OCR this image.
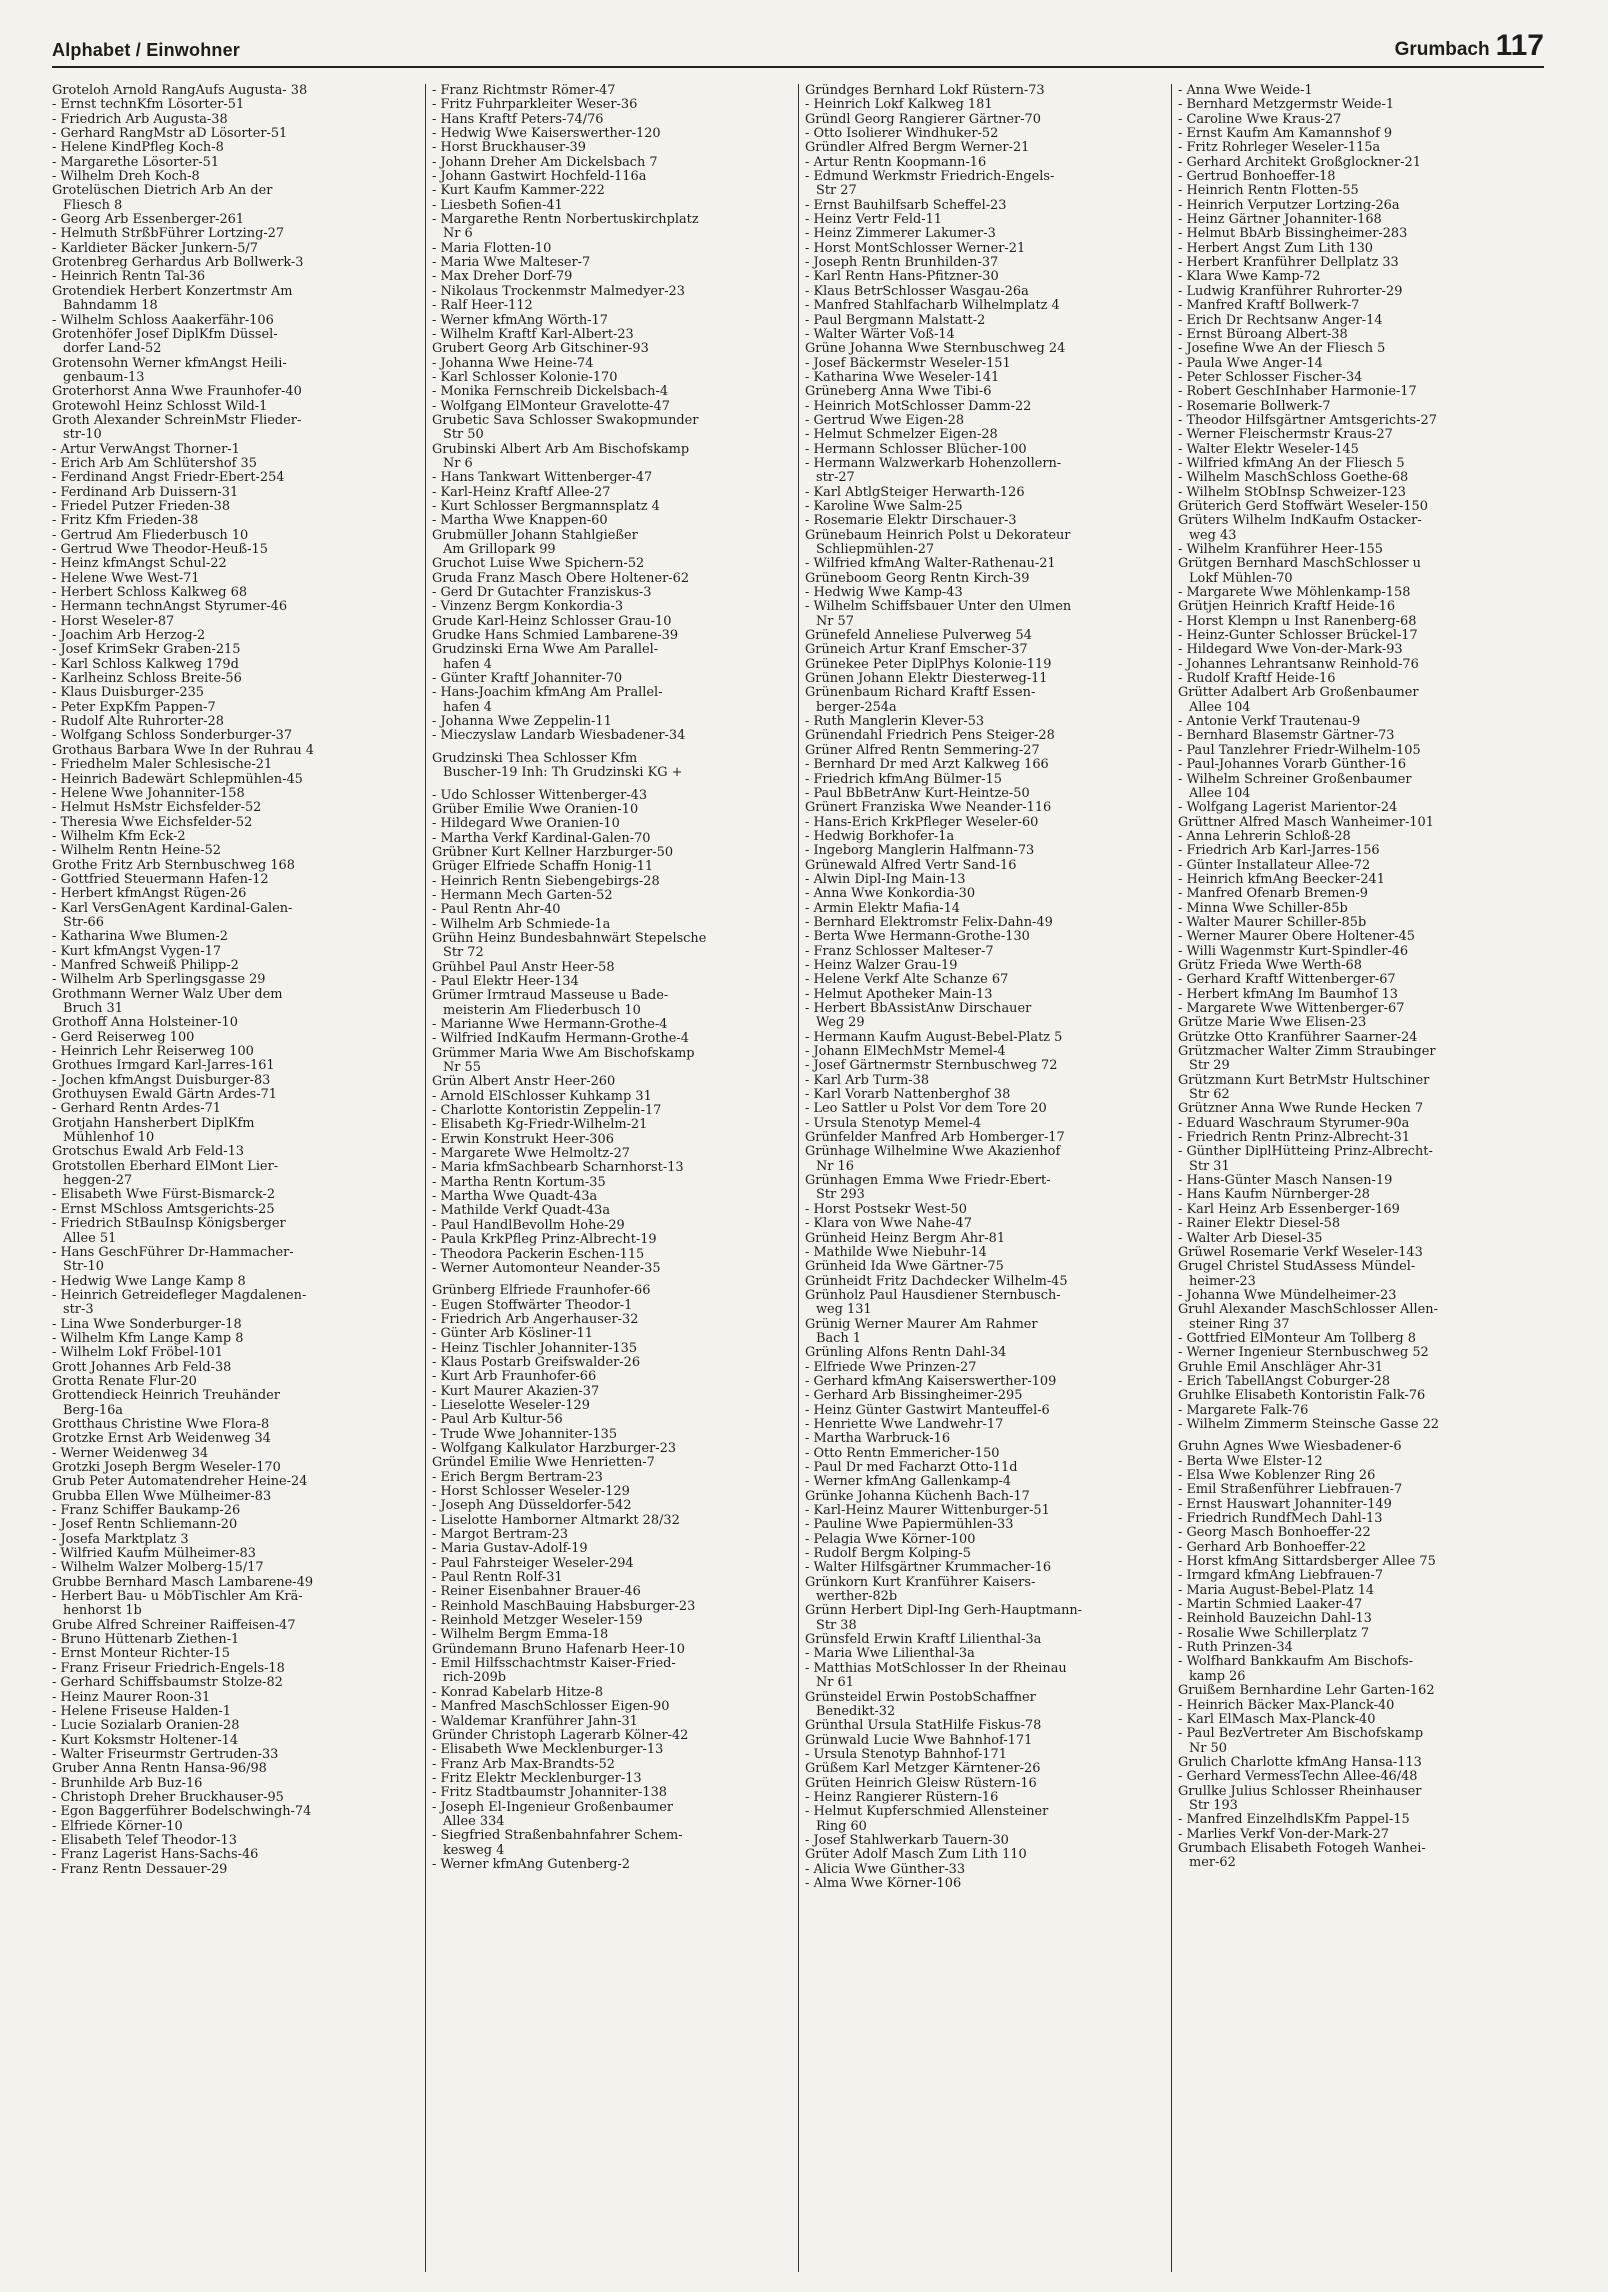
Alphabet / Einwohner	Grumbach 117
Groteloh Arnold RangAufs Augusta- 38
- Ernst technKfm Lösorter-51
- Friedrich Arb Augusta-38
- Gerhard RangMstr aD Lösorter-51
- Helene KindPfleg Koch-8
- Margarethe Lösorter-51
- Wilhelm Dreh Koch-8
Grotelüschen Dietrich Arb An der
Fliesch 8
- Georg Arb Essenberger-261
- Helmuth StrßbFührer Lortzing-27
- Karldieter Bäcker Junkern-5/7
Grotenbreg Gerhardus Arb Bollwerk-3
- Heinrich Rentn Tal-36
Grotendiek Herbert Konzertmstr Am
Bahndamm 18
- Wilhelm Schloss Aaakerfähr-106
Grotenhöfer Josef DiplKfm Düssel-
dorfer Land-52
Grotensohn Werner kfmAngst Heili-
genbaum-13
Groterhorst Anna Wwe Fraunhofer-40
Grotewohl Heinz Schlosst Wild-1
Groth Alexander SchreinMstr Flieder-
str-10
- Artur VerwAngst Thorner-1
- Erich Arb Am Schlütershof 35
- Ferdinand Angst Friedr-Ebert-254
- Ferdinand Arb Duissern-31
- Friedel Putzer Frieden-38
- Fritz Kfm Frieden-38
- Gertrud Am Fliederbusch 10
- Gertrud Wwe Theodor-Heuß-15
- Heinz kfmAngst Schul-22
- Helene Wwe West-71
- Herbert Schloss Kalkweg 68
- Hermann technAngst Styrumer-46
- Horst Weseler-87
- Joachim Arb Herzog-2
- Josef KrimSekr Graben-215
- Karl Schloss Kalkweg 179d
- Karlheinz Schloss Breite-56
- Klaus Duisburger-235
- Peter ExpKfm Pappen-7
- Rudolf Alte Ruhrorter-28
- Wolfgang Schloss Sonderburger-37
Grothaus Barbara Wwe In der Ruhrau 4
- Friedhelm Maler Schlesische-21
- Heinrich Badewärt Schlepmühlen-45
- Helene Wwe Johanniter-158
- Helmut HsMstr Eichsfelder-52
- Theresia Wwe Eichsfelder-52
- Wilhelm Kfm Eck-2
- Wilhelm Rentn Heine-52
Grothe Fritz Arb Sternbuschweg 168
- Gottfried Steuermann Hafen-12
- Herbert kfmAngst Rügen-26
- Karl VersGenAgent Kardinal-Galen-
Str-66
- Katharina Wwe Blumen-2
- Kurt kfmAngst Vygen-17
- Manfred Schweiß Philipp-2
- Wilhelm Arb Sperlingsgasse 29
Grothmann Werner Walz Über dem
Bruch 31
Grothoff Anna Holsteiner-10
- Gerd Reiserweg 100
- Heinrich Lehr Reiserweg 100
Grothues Irmgard Karl-Jarres-161
- Jochen kfmAngst Duisburger-83
Grothuysen Ewald Gärtn Ardes-71
- Gerhard Rentn Ardes-71
Grotjahn Hansherbert DiplKfm
Mühlenhof 10
Grotschus Ewald Arb Feld-13
Grotstollen Eberhard ElMont Lier-
heggen-27
- Elisabeth Wwe Fürst-Bismarck-2
- Ernst MSchloss Amtsgerichts-25
- Friedrich StBauInsp Königsberger
Allee 51
- Hans GeschFührer Dr-Hammacher-
Str-10
- Hedwig Wwe Lange Kamp 8
- Heinrich Getreidefleger Magdalenen-
str-3
- Lina Wwe Sonderburger-18
- Wilhelm Kfm Lange Kamp 8
- Wilhelm Lokf Fröbel-101
Grott Johannes Arb Feld-38
Grotta Renate Flur-20
Grottendieck Heinrich Treuhänder
Berg-16a
Grotthaus Christine Wwe Flora-8
Grotzke Ernst Arb Weidenweg 34
- Werner Weidenweg 34
Grotzki Joseph Bergm Weseler-170
Grub Peter Automatendreher Heine-24
Grubba Ellen Wwe Mülheimer-83
- Franz Schiffer Baukamp-26
- Josef Rentn Schliemann-20
- Josefa Marktplatz 3
- Wilfried Kaufm Mülheimer-83
- Wilhelm Walzer Molberg-15/17
Grubbe Bernhard Masch Lambarene-49
- Herbert Bau- u MöbTischler Am Krä-
henhorst 1b
Grube Alfred Schreiner Raiffeisen-47
- Bruno Hüttenarb Ziethen-1
- Ernst Monteur Richter-15
- Franz Friseur Friedrich-Engels-18
- Gerhard Schiffsbaumstr Stolze-82
- Heinz Maurer Roon-31
- Helene Friseuse Halden-1
- Lucie Sozialarb Oranien-28
- Kurt Koksmstr Holtener-14
- Walter Friseurmstr Gertruden-33
Gruber Anna Rentn Hansa-96/98
- Brunhilde Arb Buz-16
- Christoph Dreher Bruckhauser-95
- Egon Baggerführer Bodelschwingh-74
- Elfriede Körner-10
- Elisabeth Telef Theodor-13
- Franz Lagerist Hans-Sachs-46
- Franz Rentn Dessauer-29
- Franz Richtmstr Römer-47
- Fritz Fuhrparkleiter Weser-36
- Hans Kraftf Peters-74/76
- Hedwig Wwe Kaiserswerther-120
- Horst Bruckhauser-39
- Johann Dreher Am Dickelsbach 7
- Johann Gastwirt Hochfeld-116a
- Kurt Kaufm Kammer-222
- Liesbeth Sofien-41
- Margarethe Rentn Norbertuskirchplatz
Nr 6
- Maria Flotten-10
- Maria Wwe Malteser-7
- Max Dreher Dorf-79
- Nikolaus Trockenmstr Malmedyer-23
- Ralf Heer-112
- Werner kfmAng Wörth-17
- Wilhelm Kraftf Karl-Albert-23
Grubert Georg Arb Gitschiner-93
- Johanna Wwe Heine-74
- Karl Schlosser Kolonie-170
- Monika Fernschreib Dickelsbach-4
- Wolfgang ElMonteur Gravelotte-47
Grubetic Sava Schlosser Swakopmunder
Str 50
Grubinski Albert Arb Am Bischofskamp
Nr 6
- Hans Tankwart Wittenberger-47
- Karl-Heinz Kraftf Allee-27
- Kurt Schlosser Bergmannsplatz 4
- Martha Wwe Knappen-60
Grubmüller Johann Stahlgießer
Am Grillopark 99
Gruchot Luise Wwe Spichern-52
Gruda Franz Masch Obere Holtener-62
- Gerd Dr Gutachter Franziskus-3
- Vinzenz Bergm Konkordia-3
Grude Karl-Heinz Schlosser Grau-10
Grudke Hans Schmied Lambarene-39
Grudzinski Erna Wwe Am Parallel-
hafen 4
- Günter Kraftf Johanniter-70
- Hans-Joachim kfmAng Am Prallel-
hafen 4
- Johanna Wwe Zeppelin-11
- Mieczyslaw Landarb Wiesbadener-34
Grudzinski Thea Schlosser Kfm
Buscher-19 Inh: Th Grudzinski KG +
- Udo Schlosser Wittenberger-43
Grüber Emilie Wwe Oranien-10
- Hildegard Wwe Oranien-10
- Martha Verkf Kardinal-Galen-70
Grübner Kurt Kellner Harzburger-50
Grüger Elfriede Schaffn Honig-11
- Heinrich Rentn Siebengebirgs-28
- Hermann Mech Garten-52
- Paul Rentn Ahr-40
- Wilhelm Arb Schmiede-1a
Grühn Heinz Bundesbahnwärt Stepelsche
Str 72
Grühbel Paul Anstr Heer-58
- Paul Elektr Heer-134
Grümer Irmtraud Masseuse u Bade-
meisterin Am Fliederbusch 10
- Marianne Wwe Hermann-Grothe-4
- Wilfried IndKaufm Hermann-Grothe-4
Grümmer Maria Wwe Am Bischofskamp
Nr 55
Grün Albert Anstr Heer-260
- Arnold ElSchlosser Kuhkamp 31
- Charlotte Kontoristin Zeppelin-17
- Elisabeth Kg-Friedr-Wilhelm-21
- Erwin Konstrukt Heer-306
- Margarete Wwe Helmoltz-27
- Maria kfmSachbearb Scharnhorst-13
- Martha Rentn Kortum-35
- Martha Wwe Quadt-43a
- Mathilde Verkf Quadt-43a
- Paul HandlBevollm Hohe-29
- Paula KrkPfleg Prinz-Albrecht-19
- Theodora Packerin Eschen-115
- Werner Automonteur Neander-35
Grünberg Elfriede Fraunhofer-66
- Eugen Stoffwärter Theodor-1
- Friedrich Arb Angerhauser-32
- Günter Arb Kösliner-11
- Heinz Tischler Johanniter-135
- Klaus Postarb Greifswalder-26
- Kurt Arb Fraunhofer-66
- Kurt Maurer Akazien-37
- Lieselotte Weseler-129
- Paul Arb Kultur-56
- Trude Wwe Johanniter-135
- Wolfgang Kalkulator Harzburger-23
Gründel Emilie Wwe Henrietten-7
- Erich Bergm Bertram-23
- Horst Schlosser Weseler-129
- Joseph Ang Düsseldorfer-542
- Liselotte Hamborner Altmarkt 28/32
- Margot Bertram-23
- Maria Gustav-Adolf-19
- Paul Fahrsteiger Weseler-294
- Paul Rentn Rolf-31
- Reiner Eisenbahner Brauer-46
- Reinhold MaschBauing Habsburger-23
- Reinhold Metzger Weseler-159
- Wilhelm Bergm Emma-18
Gründemann Bruno Hafenarb Heer-10
- Emil Hilfsschachtmstr Kaiser-Fried-
rich-209b
- Konrad Kabelarb Hitze-8
- Manfred MaschSchlosser Eigen-90
- Waldemar Kranführer Jahn-31
Gründer Christoph Lagerarb Kölner-42
- Elisabeth Wwe Mecklenburger-13
- Franz Arb Max-Brandts-52
- Fritz Elektr Mecklenburger-13
- Fritz Stadtbaumstr Johanniter-138
- Joseph El-Ingenieur Großenbaumer
Allee 334
- Siegfried Straßenbahnfahrer Schem-
kesweg 4
- Werner kfmAng Gutenberg-2
Gründges Bernhard Lokf Rüstern-73
- Heinrich Lokf Kalkweg 181
Gründl Georg Rangierer Gärtner-70
- Otto Isolierer Windhuker-52
Gründler Alfred Bergm Werner-21
- Artur Rentn Koopmann-16
- Edmund Werkmstr Friedrich-Engels-
Str 27
- Ernst Bauhilfsarb Scheffel-23
- Heinz Vertr Feld-11
- Heinz Zimmerer Lakumer-3
- Horst MontSchlosser Werner-21
- Joseph Rentn Brunhilden-37
- Karl Rentn Hans-Pfitzner-30
- Klaus BetrSchlosser Wasgau-26a
- Manfred Stahlfacharb Wilhelmplatz 4
- Paul Bergmann Malstatt-2
- Walter Wärter Voß-14
Grüne Johanna Wwe Sternbuschweg 24
- Josef Bäckermstr Weseler-151
- Katharina Wwe Weseler-141
Grüneberg Anna Wwe Tibi-6
- Heinrich MotSchlosser Damm-22
- Gertrud Wwe Eigen-28
- Helmut Schmelzer Eigen-28
- Hermann Schlosser Blücher-100
- Hermann Walzwerkarb Hohenzollern-
str-27
- Karl AbtlgSteiger Herwarth-126
- Karoline Wwe Salm-25
- Rosemarie Elektr Dirschauer-3
Grünebaum Heinrich Polst u Dekorateur
Schliepmühlen-27
- Wilfried kfmAng Walter-Rathenau-21
Grüneboom Georg Rentn Kirch-39
- Hedwig Wwe Kamp-43
- Wilhelm Schiffsbauer Unter den Ulmen
Nr 57
Grünefeld Anneliese Pulverweg 54
Grüneich Artur Kranf Emscher-37
Grünekee Peter DiplPhys Kolonie-119
Grünen Johann Elektr Diesterweg-11
Grünenbaum Richard Kraftf Essen-
berger-254a
- Ruth Manglerin Klever-53
Grünendahl Friedrich Pens Steiger-28
Grüner Alfred Rentn Semmering-27
- Bernhard Dr med Arzt Kalkweg 166
- Friedrich kfmAng Bülmer-15
- Paul BbBetrAnw Kurt-Heintze-50
Grünert Franziska Wwe Neander-116
- Hans-Erich KrkPfleger Weseler-60
- Hedwig Borkhofer-1a
- Ingeborg Manglerin Halfmann-73
Grünewald Alfred Vertr Sand-16
- Alwin Dipl-Ing Main-13
- Anna Wwe Konkordia-30
- Armin Elektr Mafia-14
- Bernhard Elektromstr Felix-Dahn-49
- Berta Wwe Hermann-Grothe-130
- Franz Schlosser Malteser-7
- Heinz Walzer Grau-19
- Helene Verkf Alte Schanze 67
- Helmut Apotheker Main-13
- Herbert BbAssistAnw Dirschauer
Weg 29
- Hermann Kaufm August-Bebel-Platz 5
- Johann ElMechMstr Memel-4
- Josef Gärtnermstr Sternbuschweg 72
- Karl Arb Turm-38
- Karl Vorarb Nattenberghof 38
- Leo Sattler u Polst Vor dem Tore 20
- Ursula Stenotyp Memel-4
Grünfelder Manfred Arb Homberger-17
Grünhage Wilhelmine Wwe Akazienhof
Nr 16
Grünhagen Emma Wwe Friedr-Ebert-
Str 293
- Horst Postsekr West-50
- Klara von Wwe Nahe-47
Grünheid Heinz Bergm Ahr-81
- Mathilde Wwe Niebuhr-14
Grünheid Ida Wwe Gärtner-75
Grünheidt Fritz Dachdecker Wilhelm-45
Grünholz Paul Hausdiener Sternbusch-
weg 131
Grünig Werner Maurer Am Rahmer
Bach 1
Grünling Alfons Rentn Dahl-34
- Elfriede Wwe Prinzen-27
- Gerhard kfmAng Kaiserswerther-109
- Gerhard Arb Bissingheimer-295
- Heinz Günter Gastwirt Manteuffel-6
- Henriette Wwe Landwehr-17
- Martha Warbruck-16
- Otto Rentn Emmericher-150
- Paul Dr med Facharzt Otto-11d
- Werner kfmAng Gallenkamp-4
Grünke Johanna Küchenh Bach-17
- Karl-Heinz Maurer Wittenburger-51
- Pauline Wwe Papiermühlen-33
- Pelagia Wwe Körner-100
- Rudolf Bergm Kolping-5
- Walter Hilfsgärtner Krummacher-16
Grünkorn Kurt Kranführer Kaisers-
werther-82b
Grünn Herbert Dipl-Ing Gerh-Hauptmann-
Str 38
Grünsfeld Erwin Kraftf Lilienthal-3a
- Maria Wwe Lilienthal-3a
- Matthias MotSchlosser In der Rheinau
Nr 61
Grünsteidel Erwin PostobSchaffner
Benedikt-32
Grünthal Ursula StatHilfe Fiskus-78
Grünwald Lucie Wwe Bahnhof-171
- Ursula Stenotyp Bahnhof-171
Grüßem Karl Metzger Kärntener-26
Grüten Heinrich Gleisw Rüstern-16
- Heinz Rangierer Rüstern-16
- Helmut Kupferschmied Allensteiner
Ring 60
- Josef Stahlwerkarb Tauern-30
Grüter Adolf Masch Zum Lith 110
- Alicia Wwe Günther-33
- Alma Wwe Körner-106
- Anna Wwe Weide-1
- Bernhard Metzgermstr Weide-1
- Caroline Wwe Kraus-27
- Ernst Kaufm Am Kamannshof 9
- Fritz Rohrleger Weseler-115a
- Gerhard Architekt Großglockner-21
- Gertrud Bonhoeffer-18
- Heinrich Rentn Flotten-55
- Heinrich Verputzer Lortzing-26a
- Heinz Gärtner Johanniter-168
- Helmut BbArb Bissingheimer-283
- Herbert Angst Zum Lith 130
- Herbert Kranführer Dellplatz 33
- Klara Wwe Kamp-72
- Ludwig Kranführer Ruhrorter-29
- Manfred Kraftf Bollwerk-7
- Erich Dr Rechtsanw Anger-14
- Ernst Büroang Albert-38
- Josefine Wwe An der Fliesch 5
- Paula Wwe Anger-14
- Peter Schlosser Fischer-34
- Robert GeschInhaber Harmonie-17
- Rosemarie Bollwerk-7
- Theodor Hilfsgärtner Amtsgerichts-27
- Werner Fleischermstr Kraus-27
- Walter Elektr Weseler-145
- Wilfried kfmAng An der Fliesch 5
- Wilhelm MaschSchloss Goethe-68
- Wilhelm StObInsp Schweizer-123
Grüterich Gerd Stoffwärt Weseler-150
Grüters Wilhelm IndKaufm Ostacker-
weg 43
- Wilhelm Kranführer Heer-155
Grütgen Bernhard MaschSchlosser u
Lokf Mühlen-70
- Margarete Wwe Möhlenkamp-158
Grütjen Heinrich Kraftf Heide-16
- Horst Klempn u Inst Ranenberg-68
- Heinz-Gunter Schlosser Brückel-17
- Hildegard Wwe Von-der-Mark-93
- Johannes Lehrantsanw Reinhold-76
- Rudolf Kraftf Heide-16
Grütter Adalbert Arb Großenbaumer
Allee 104
- Antonie Verkf Trautenau-9
- Bernhard Blasemstr Gärtner-73
- Paul Tanzlehrer Friedr-Wilhelm-105
- Paul-Johannes Vorarb Günther-16
- Wilhelm Schreiner Großenbaumer
Allee 104
- Wolfgang Lagerist Marientor-24
Grüttner Alfred Masch Wanheimer-101
- Anna Lehrerin Schloß-28
- Friedrich Arb Karl-Jarres-156
- Günter Installateur Allee-72
- Heinrich kfmAng Beecker-241
- Manfred Ofenarb Bremen-9
- Minna Wwe Schiller-85b
- Walter Maurer Schiller-85b
- Werner Maurer Obere Holtener-45
- Willi Wagenmstr Kurt-Spindler-46
Grütz Frieda Wwe Werth-68
- Gerhard Kraftf Wittenberger-67
- Herbert kfmAng Im Baumhof 13
- Margarete Wwe Wittenberger-67
Grütze Marie Wwe Elisen-23
Grützke Otto Kranführer Saarner-24
Grützmacher Walter Zimm Straubinger
Str 29
Grützmann Kurt BetrMstr Hultschiner
Str 62
Grützner Anna Wwe Runde Hecken 7
- Eduard Waschraum Styrumer-90a
- Friedrich Rentn Prinz-Albrecht-31
- Günther DiplHütteing Prinz-Albrecht-
Str 31
- Hans-Günter Masch Nansen-19
- Hans Kaufm Nürnberger-28
- Karl Heinz Arb Essenberger-169
- Rainer Elektr Diesel-58
- Walter Arb Diesel-35
Grüwel Rosemarie Verkf Weseler-143
Grugel Christel StudAssess Mündel-
heimer-23
- Johanna Wwe Mündelheimer-23
Gruhl Alexander MaschSchlosser Allen-
steiner Ring 37
- Gottfried ElMonteur Am Tollberg 8
- Werner Ingenieur Sternbuschweg 52
Gruhle Emil Anschläger Ahr-31
- Erich TabellAngst Coburger-28
Gruhlke Elisabeth Kontoristin Falk-76
- Margarete Falk-76
- Wilhelm Zimmerm Steinsche Gasse 22
Gruhn Agnes Wwe Wiesbadener-6
- Berta Wwe Elster-12
- Elsa Wwe Koblenzer Ring 26
- Emil Straßenführer Liebfrauen-7
- Ernst Hauswart Johanniter-149
- Friedrich RundfMech Dahl-13
- Georg Masch Bonhoeffer-22
- Gerhard Arb Bonhoeffer-22
- Horst kfmAng Sittardsberger Allee 75
- Irmgard kfmAng Liebfrauen-7
- Maria August-Bebel-Platz 14
- Martin Schmied Laaker-47
- Reinhold Bauzeichn Dahl-13
- Rosalie Wwe Schillerplatz 7
- Ruth Prinzen-34
- Wolfhard Bankkaufm Am Bischofs-
kamp 26
Gruißem Bernhardine Lehr Garten-162
- Heinrich Bäcker Max-Planck-40
- Karl ElMasch Max-Planck-40
- Paul BezVertreter Am Bischofskamp
Nr 50
Grulich Charlotte kfmAng Hansa-113
- Gerhard VermessTechn Allee-46/48
Grullke Julius Schlosser Rheinhauser
Str 193
- Manfred EinzelhdlsKfm Pappel-15
- Marlies Verkf Von-der-Mark-27
Grumbach Elisabeth Fotogeh Wanhei-
mer-62
